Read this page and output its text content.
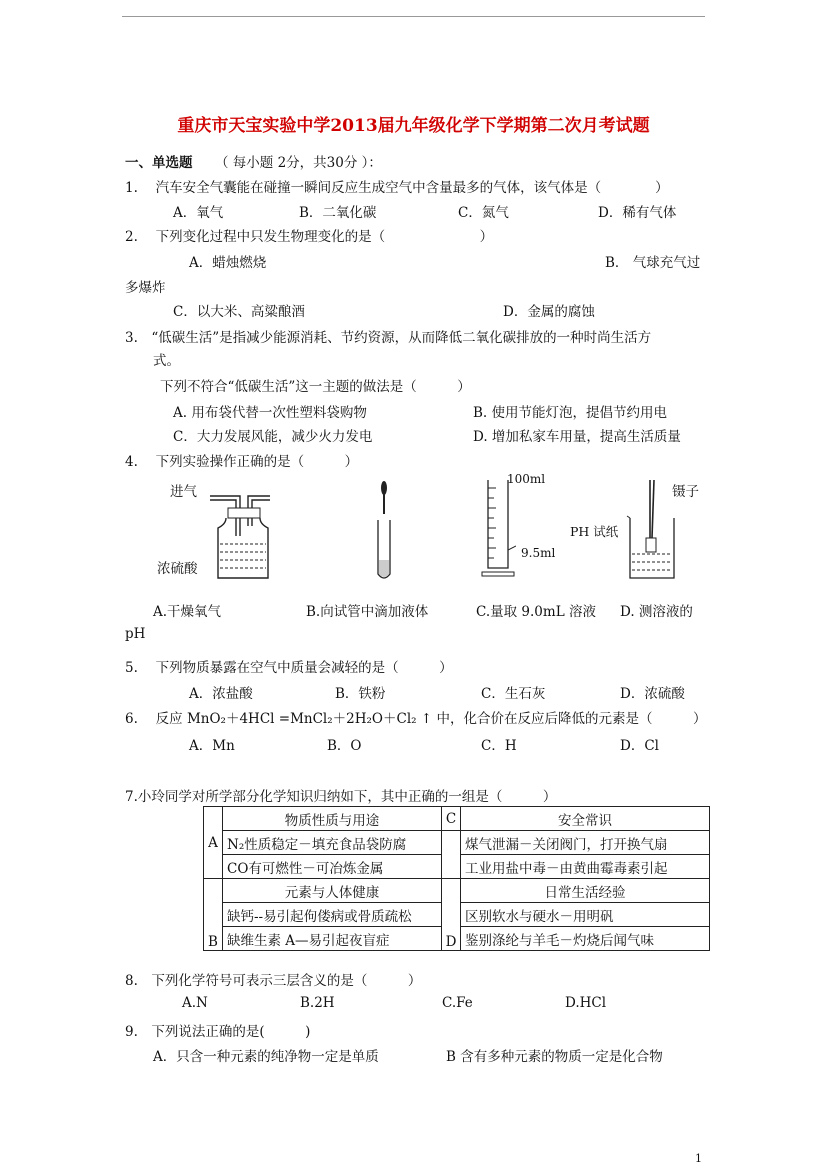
重庆市天宝实验中学2013届九年级化学下学期第二次月考试题
一、单选题 （ 每小题 2分，共30分 ）：
1.　 汽车安全气囊能在碰撞一瞬间反应生成空气中含量最多的气体，该气体是（　　　　）
A．氧气	B．二氧化碳	C．氮气	D．稀有气体
2.　 下列变化过程中只发生物理变化的是（　　　　　　　）
A．蜡烛燃烧	B． 气球充气过
多爆炸
C．以大米、高粱酿酒	D．金属的腐蚀
3.　“低碳生活”是指减少能源消耗、节约资源，从而降低二氧化碳排放的一种时尚生活方
式。
下列不符合“低碳生活”这一主题的做法是（　　　）
A. 用布袋代替一次性塑料袋购物	B. 使用节能灯泡，提倡节约用电
C．大力发展风能，减少火力发电	D. 增加私家车用量，提高生活质量
4.　 下列实验操作正确的是（　　　）
进气
浓硫酸
100ml
9.5ml
镊子
PH 试纸
A.干燥氧气	B.向试管中滴加液体	C.量取 9.0mL 溶液 D. 测溶液的
pH
5.　 下列物质暴露在空气中质量会减轻的是（　　　）
A．浓盐酸	B．铁粉	C．生石灰	D．浓硫酸
6.　 反应 MnO₂＋4HCl =MnCl₂＋2H₂O＋Cl₂ ↑ 中，化合价在反应后降低的元素是（　　　）
A．Mn	B．O	C．H	D．Cl
7.小玲同学对所学部分化学知识归纳如下，其中正确的一组是（　　　）
A	物质性质与用途	C	安全常识
	N₂性质稳定－填充食品袋防腐		煤气泄漏－关闭阀门，打开换气扇
	CO有可燃性－可冶炼金属		工业用盐中毒－由黄曲霉毒素引起
B	元素与人体健康	D	日常生活经验
	缺钙--易引起佝偻病或骨质疏松		区别软水与硬水－用明矾
	缺维生素 A—易引起夜盲症		鉴别涤纶与羊毛－灼烧后闻气味
8.　下列化学符号可表示三层含义的是（　　　）
A.N	B.2H	C.Fe	D.HCl
9.　下列说法正确的是(　　　)
A．只含一种元素的纯净物一定是单质	B 含有多种元素的物质一定是化合物
1
